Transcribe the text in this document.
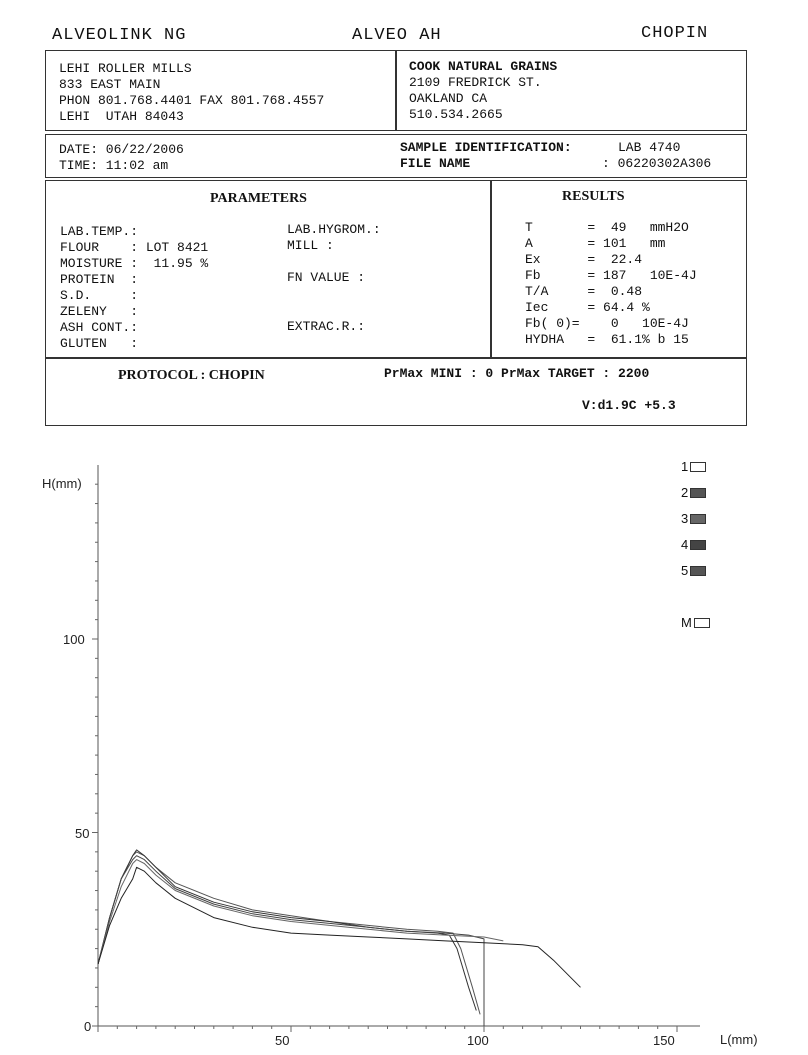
ALVEOLINK NG	ALVEO AH	CHOPIN
LEHI ROLLER MILLS
833 EAST MAIN
PHON 801.768.4401 FAX 801.768.4557
LEHI  UTAH 84043
COOK NATURAL GRAINS
2109 FREDRICK ST.
OAKLAND CA
510.534.2665
DATE: 06/22/2006
TIME: 11:02 am
SAMPLE IDENTIFICATION:	LAB 4740
FILE NAME	: 06220302A306
PARAMETERS	RESULTS
LAB.TEMP.:
FLOUR    : LOT 8421
MOISTURE :  11.95 %
PROTEIN  :
S.D.     :
ZELENY   :
ASH CONT.:
GLUTEN   :
LAB.HYGROM.:
MILL :
FN VALUE :
EXTRAC.R.:
T       =  49   mmH2O
A       = 101   mm
Ex      =  22.4
Fb      = 187   10E-4J
T/A     =  0.48
Iec     = 64.4 %
Fb( 0)=    0   10E-4J
HYDHA   =  61.1% b 15
PROTOCOL : CHOPIN	PrMax MINI : 0 PrMax TARGET : 2200
V:d1.9C +5.3
1
2
3
4
5
M
H(mm)
L(mm)
100
50
0
50	100	150
